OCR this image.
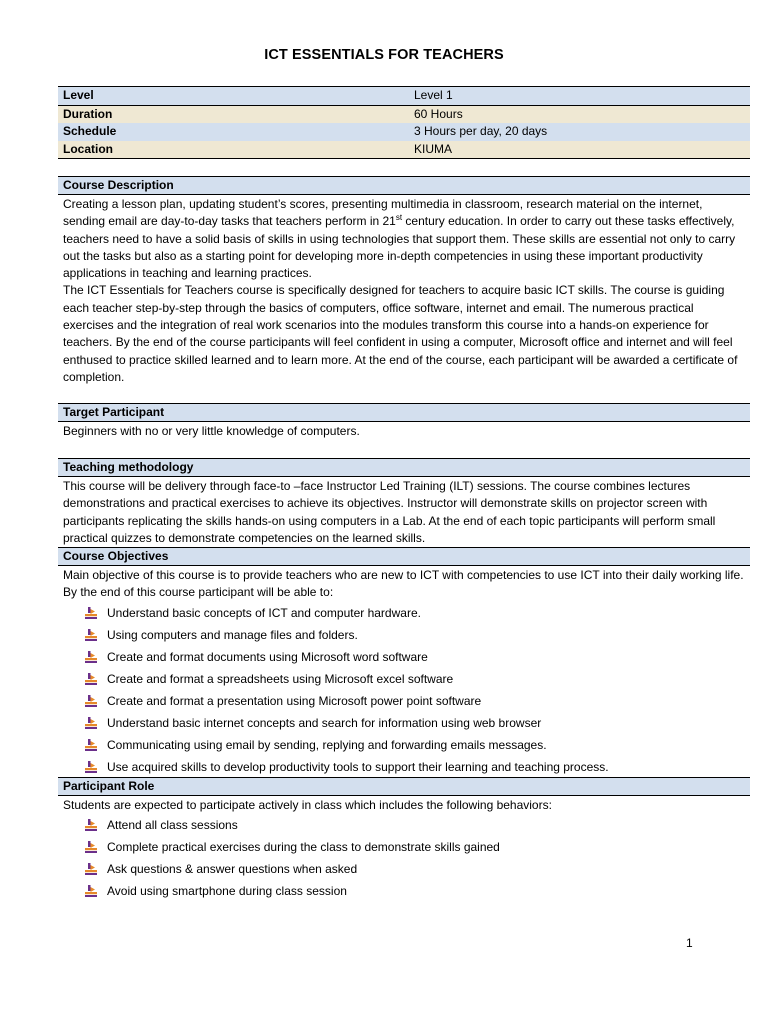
ICT ESSENTIALS FOR TEACHERS
Level	Level 1
Duration	60 Hours
Schedule	3 Hours per day, 20 days
Location	KIUMA
Course Description

Creating a lesson plan, updating student’s scores, presenting multimedia in classroom, research material on the internet, sending email are day-to-day tasks that teachers perform in 21st century education. In order to carry out these tasks effectively, teachers need to have a solid basis of skills in using technologies that support them. These skills are essential not only to carry out the tasks but also as a starting point for developing more in-depth competencies in using these important productivity applications in teaching and learning practices.

The ICT Essentials for Teachers course is specifically designed for teachers to acquire basic ICT skills. The course is guiding each teacher step-by-step through the basics of computers, office software, internet and email. The numerous practical exercises and the integration of real work scenarios into the modules transform this course into a hands-on experience for teachers. By the end of the course participants will feel confident in using a computer, Microsoft office and internet and will feel enthused to practice skilled learned and to learn more. At the end of the course, each participant will be awarded a certificate of completion.

Target Participant
Beginners with no or very little knowledge of computers.
Teaching methodology
This course will be delivery through face-to –face Instructor Led Training (ILT) sessions. The course combines lectures demonstrations and practical exercises to achieve its objectives. Instructor will demonstrate skills on projector screen with participants replicating the skills hands-on using computers in a Lab. At the end of each topic participants will perform small practical quizzes to demonstrate competencies on the learned skills.
Course Objectives
Main objective of this course is to provide teachers who are new to ICT with competencies to use ICT into their daily working life. By the end of this course participant will be able to:
Understand basic concepts of ICT and computer hardware.
Using computers and manage files and folders.
Create and format documents using Microsoft word software
Create and format a spreadsheets using Microsoft excel software
Create and format a presentation using Microsoft power point software
Understand basic internet concepts and search for information using web browser
Communicating using email by sending, replying and forwarding emails messages.
Use acquired skills to develop productivity tools to support their learning and teaching process.
Participant Role
Students are expected to participate actively in class which includes the following behaviors:
Attend all class sessions
Complete practical exercises during the class to demonstrate skills gained
Ask questions & answer questions when asked
Avoid using smartphone during class session
1
